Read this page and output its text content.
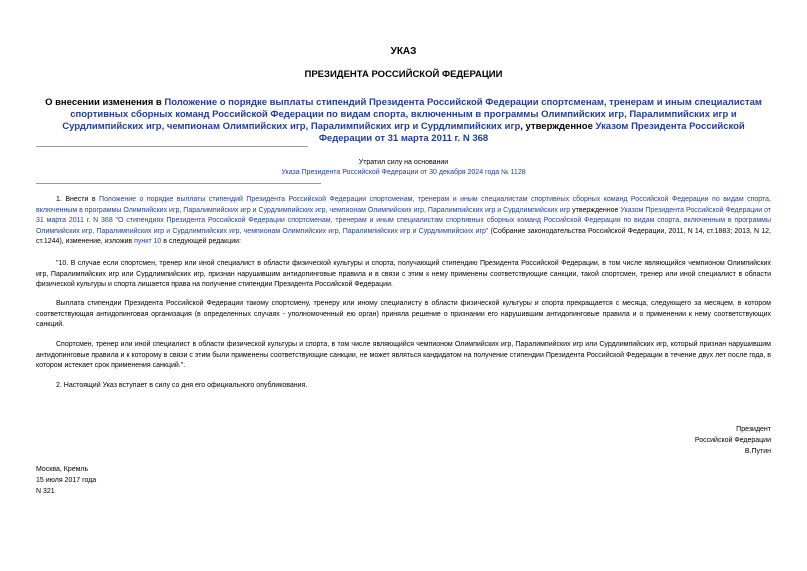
УКАЗ
ПРЕЗИДЕНТА РОССИЙСКОЙ ФЕДЕРАЦИИ
О внесении изменения в Положение о порядке выплаты стипендий Президента Российской Федерации спортсменам, тренерам и иным специалистам спортивных сборных команд Российской Федерации по видам спорта, включенным в программы Олимпийских игр, Паралимпийских игр и Сурдлимпийских игр, чемпионам Олимпийских игр, Паралимпийских игр и Сурдлимпийских игр, утвержденное Указом Президента Российской Федерации от 31 марта 2011 г. N 368
Утратил силу на основании
Указа Президента Российской Федерации от 30 декабря 2024 года № 1128
1. Внести в Положение о порядке выплаты стипендий Президента Российской Федерации спортсменам, тренерам и иным специалистам спортивных сборных команд Российской Федерации по видам спорта, включенным в программы Олимпийских игр, Паралимпийских игр и Сурдлимпийских игр, чемпионам Олимпийских игр, Паралимпийских игр и Сурдлимпийских игр утвержденное Указом Президента Российской Федерации от 31 марта 2011 г. N 368 "О стипендиях Президента Российской Федерации спортсменам, тренерам и иным специалистам спортивных сборных команд Российской Федерации по видам спорта, включенным в программы Олимпийских игр, Паралимпийских игр и Сурдлимпийских игр, чемпионам Олимпийских игр, Паралимпийских игр и Сурдлимпийских игр" (Собрание законодательства Российской Федерации, 2011, N 14, ст.1883; 2013, N 12, ст.1244), изменение, изложив пункт 10 в следующей редакции:
"10. В случае если спортсмен, тренер или иной специалист в области физической культуры и спорта, получающий стипендию Президента Российской Федерации, в том числе являющийся чемпионом Олимпийских игр, Паралимпийских игр или Сурдлимпийских игр, признан нарушившим антидопинговые правила и в связи с этим к нему применены соответствующие санкции, такой спортсмен, тренер или иной специалист в области физической культуры и спорта лишается права на получение стипендии Президента Российской Федерации.
Выплата стипендии Президента Российской Федерации такому спортсмену, тренеру или иному специалисту в области физической культуры и спорта прекращается с месяца, следующего за месяцем, в котором соответствующая антидопинговая организация (в определенных случаях - уполномоченный ею орган) приняла решение о признании его нарушившим антидопинговые правила и о применении к нему соответствующих санкций.
Спортсмен, тренер или иной специалист в области физической культуры и спорта, в том числе являющийся чемпионом Олимпийских игр, Паралимпийских игр или Сурдлимпийских игр, который признан нарушившим антидопинговые правила и к которому в связи с этим были применены соответствующие санкции, не может являться кандидатом на получение стипендии Президента Российской Федерации в течение двух лет после года, в котором истекает срок применения санкций.".
2. Настоящий Указ вступает в силу со дня его официального опубликования.
Президент
Российской Федерации
В.Путин
Москва, Кремль
15 июля 2017 года
N 321
